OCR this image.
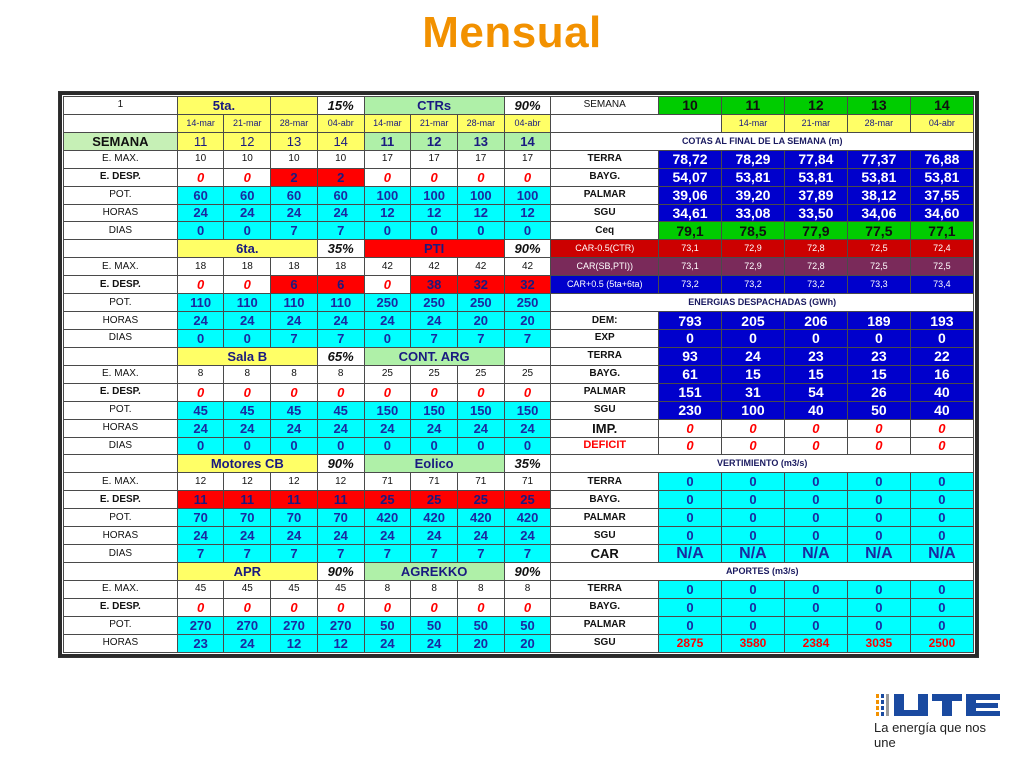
Mensual
1	5ta.			15%	CTRs			90%	SEMANA	10	11	12	13	14
	14-mar	21-mar	28-mar	04-abr	14-mar	21-mar	28-mar	04-abr			14-mar	21-mar	28-mar	04-abr
SEMANA	11	12	13	14	11	12	13	14	COTAS AL FINAL DE LA SEMANA (m)					
E. MAX.	10	10	10	10	17	17	17	17	TERRA	78,72	78,29	77,84	77,37	76,88
E. DESP.	0	0	2	2	0	0	0	0	BAYG.	54,07	53,81	53,81	53,81	53,81
POT.	60	60	60	60	100	100	100	100	PALMAR	39,06	39,20	37,89	38,12	37,55
HORAS	24	24	24	24	12	12	12	12	SGU	34,61	33,08	33,50	34,06	34,60
DIAS	0	0	7	7	0	0	0	0	Ceq	79,1	78,5	77,9	77,5	77,1
	6ta.			35%	PTI			90%	CAR-0.5(CTR)	73,1	72,9	72,8	72,5	72,4
E. MAX.	18	18	18	18	42	42	42	42	CAR(SB,PTI))	73,1	72,9	72,8	72,5	72,5
E. DESP.	0	0	6	6	0	38	32	32	CAR+0.5 (5ta+6ta)	73,2	73,2	73,2	73,3	73,4
POT.	110	110	110	110	250	250	250	250	ENERGIAS DESPACHADAS (GWh)					
HORAS	24	24	24	24	24	24	20	20	DEM:	793	205	206	189	193
DIAS	0	0	7	7	0	7	7	7	EXP	0	0	0	0	0
	Sala B			65%	CONT. ARG				TERRA	93	24	23	23	22
E. MAX.	8	8	8	8	25	25	25	25	BAYG.	61	15	15	15	16
E. DESP.	0	0	0	0	0	0	0	0	PALMAR	151	31	54	26	40
POT.	45	45	45	45	150	150	150	150	SGU	230	100	40	50	40
HORAS	24	24	24	24	24	24	24	24	IMP.	0	0	0	0	0
DIAS	0	0	0	0	0	0	0	0	DEFICIT	0	0	0	0	0
	Motores CB			90%	Eolico			35%	VERTIMIENTO (m3/s)					
E. MAX.	12	12	12	12	71	71	71	71	TERRA	0	0	0	0	0
E. DESP.	11	11	11	11	25	25	25	25	BAYG.	0	0	0	0	0
POT.	70	70	70	70	420	420	420	420	PALMAR	0	0	0	0	0
HORAS	24	24	24	24	24	24	24	24	SGU	0	0	0	0	0
DIAS	7	7	7	7	7	7	7	7	CAR	N/A	N/A	N/A	N/A	N/A
	APR			90%	AGREKKO			90%	APORTES (m3/s)					
E. MAX.	45	45	45	45	8	8	8	8	TERRA	0	0	0	0	0
E. DESP.	0	0	0	0	0	0	0	0	BAYG.	0	0	0	0	0
POT.	270	270	270	270	50	50	50	50	PALMAR	0	0	0	0	0
HORAS	23	24	12	12	24	24	20	20	SGU	2875	3580	2384	3035	2500
La energía que nos une
